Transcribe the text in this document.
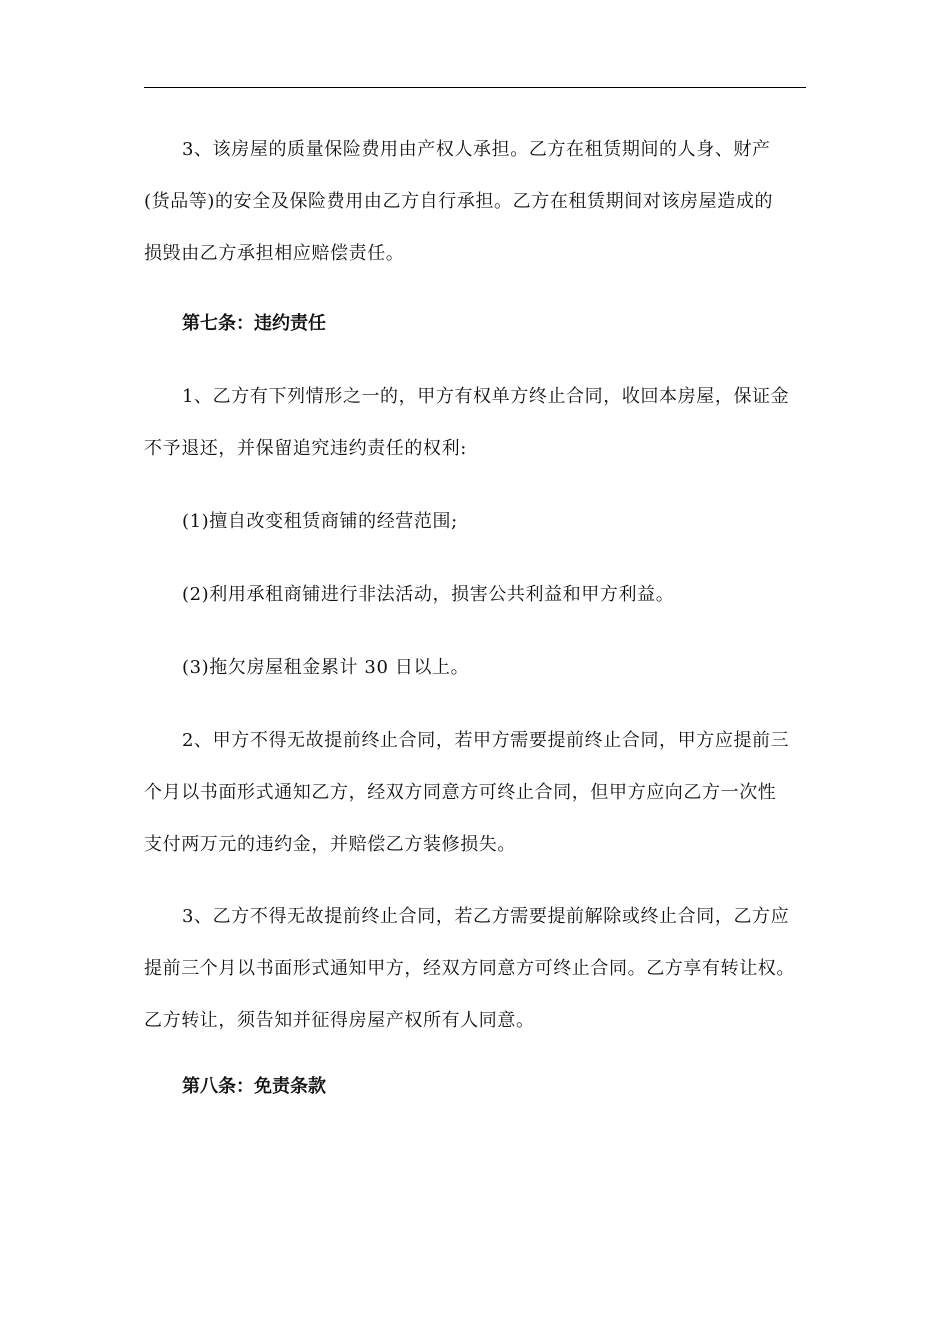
3、该房屋的质量保险费用由产权人承担。乙方在租赁期间的人身、财产
(货品等)的安全及保险费用由乙方自行承担。乙方在租赁期间对该房屋造成的
损毁由乙方承担相应赔偿责任。
第七条：违约责任
1、乙方有下列情形之一的，甲方有权单方终止合同，收回本房屋，保证金
不予退还，并保留追究违约责任的权利:
(1)擅自改变租赁商铺的经营范围;
(2)利用承租商铺进行非法活动，损害公共利益和甲方利益。
(3)拖欠房屋租金累计 30 日以上。
2、甲方不得无故提前终止合同，若甲方需要提前终止合同，甲方应提前三
个月以书面形式通知乙方，经双方同意方可终止合同，但甲方应向乙方一次性
支付两万元的违约金，并赔偿乙方装修损失。
3、乙方不得无故提前终止合同，若乙方需要提前解除或终止合同，乙方应
提前三个月以书面形式通知甲方，经双方同意方可终止合同。乙方享有转让权。
乙方转让，须告知并征得房屋产权所有人同意。
第八条：免责条款
